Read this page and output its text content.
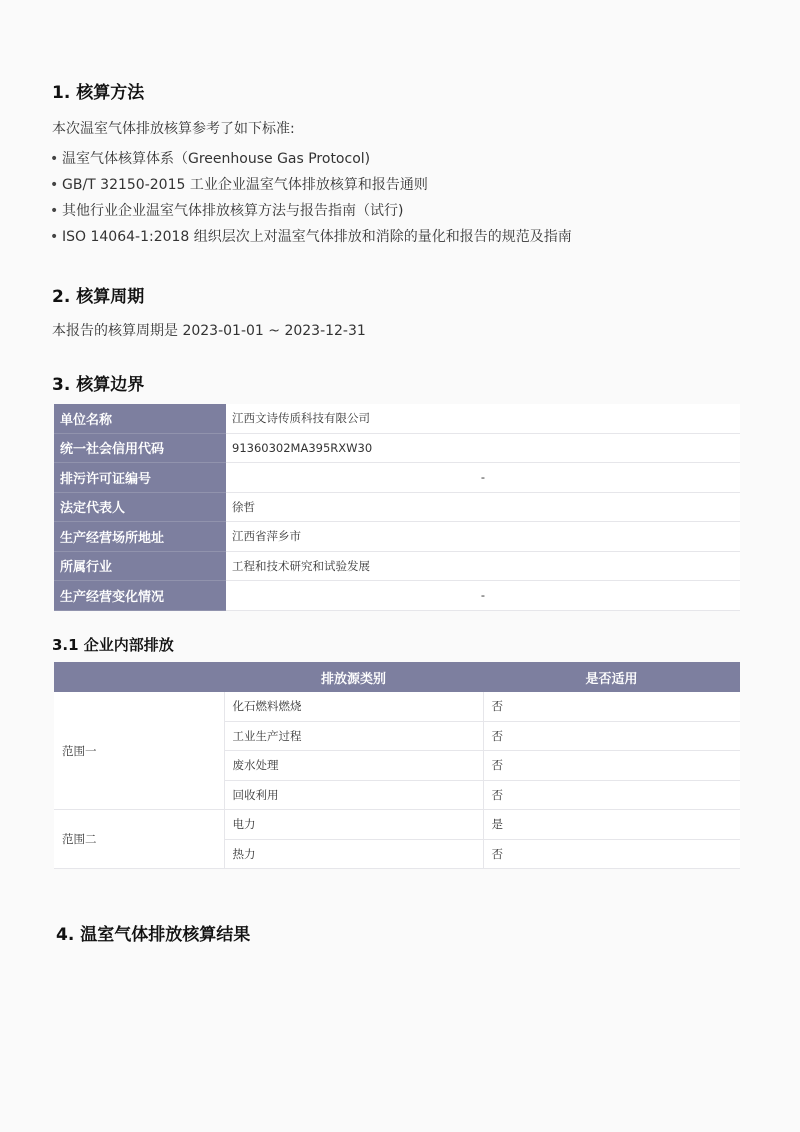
1. 核算方法

本次温室气体排放核算参考了如下标准:

• 温室气体核算体系（Greenhouse Gas Protocol)
• GB/T 32150-2015 工业企业温室气体排放核算和报告通则
• 其他行业企业温室气体排放核算方法与报告指南（试行)
• ISO 14064-1:2018 组织层次上对温室气体排放和消除的量化和报告的规范及指南
2. 核算周期

本报告的核算周期是 2023-01-01 ~ 2023-12-31

3. 核算边界
单位名称	江西文诗传质科技有限公司
统一社会信用代码	91360302MA395RXW30
排污许可证编号	-
法定代表人	徐哲
生产经营场所地址	江西省萍乡市
所属行业	工程和技术研究和试验发展
生产经营变化情况	-
3.1 企业内部排放
	排放源类别	是否适用
范围一	化石燃料燃烧	否
	工业生产过程	否
	废水处理	否
	回收利用	否
范围二	电力	是
	热力	否
4. 温室气体排放核算结果
